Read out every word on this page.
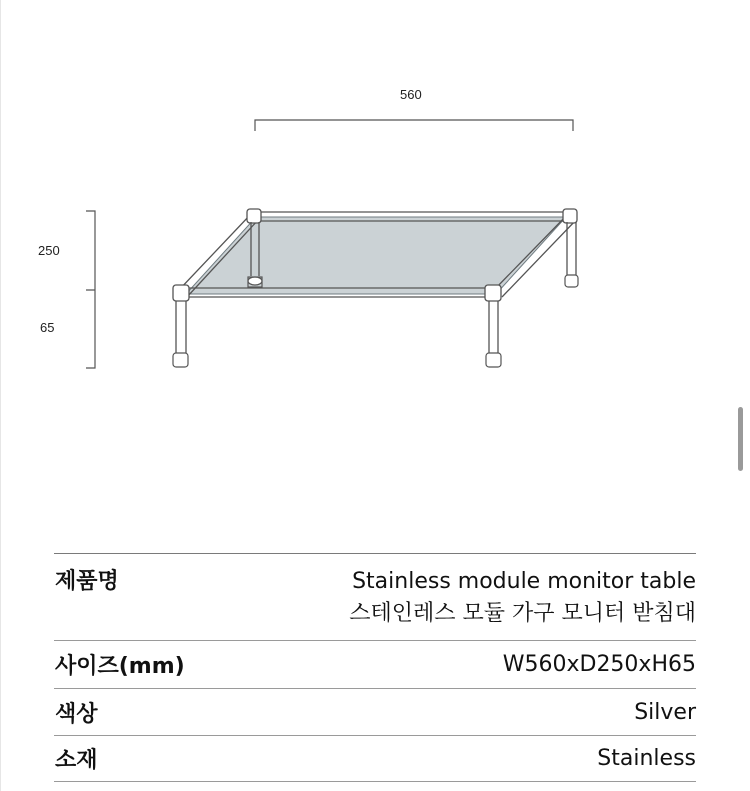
560
250
65
제품명	Stainless module monitor table
스테인레스 모듈 가구 모니터 받침대
사이즈(mm)	W560xD250xH65
색상	Silver
소재	Stainless
